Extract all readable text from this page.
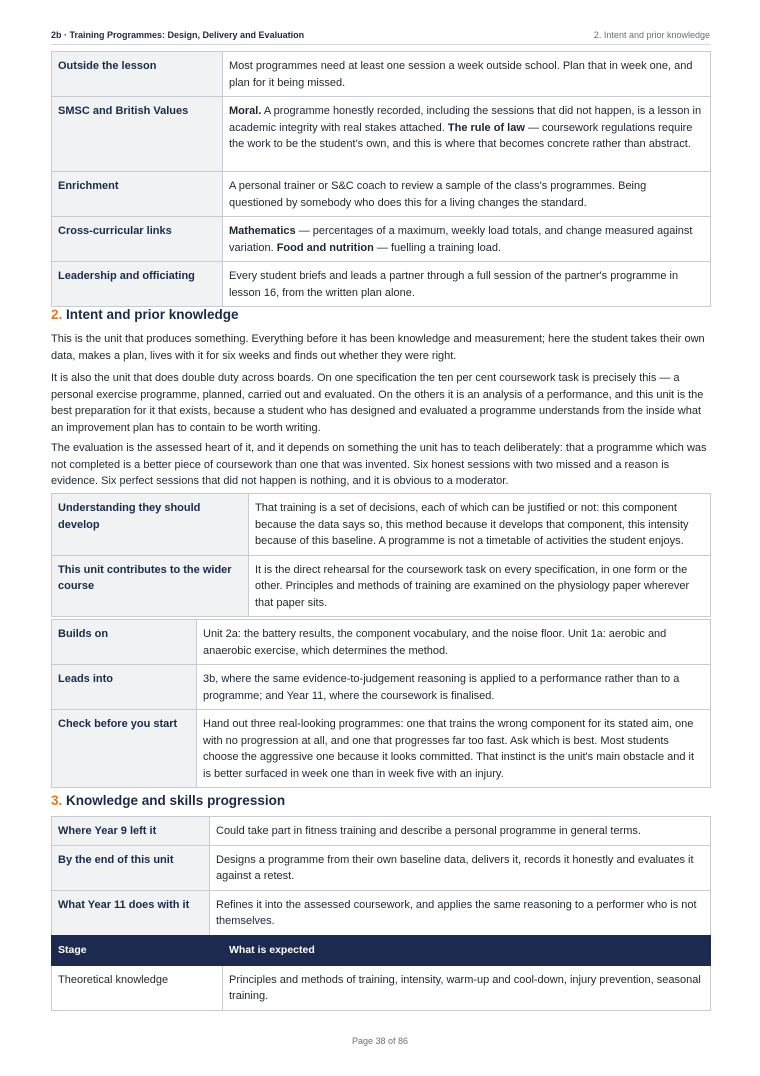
2b · Training Programmes: Design, Delivery and Evaluation	2. Intent and prior knowledge
Outside the lesson	Most programmes need at least one session a week outside school. Plan that in week one, and plan for it being missed.
SMSC and British Values	Moral. A programme honestly recorded, including the sessions that did not happen, is a lesson in academic integrity with real stakes attached. The rule of law — coursework regulations require the work to be the student's own, and this is where that becomes concrete rather than abstract.
Enrichment	A personal trainer or S&C coach to review a sample of the class's programmes. Being questioned by somebody who does this for a living changes the standard.
Cross-curricular links	Mathematics — percentages of a maximum, weekly load totals, and change measured against variation. Food and nutrition — fuelling a training load.
Leadership and officiating	Every student briefs and leads a partner through a full session of the partner's programme in lesson 16, from the written plan alone.
2. Intent and prior knowledge

This is the unit that produces something. Everything before it has been knowledge and measurement; here the student takes their own data, makes a plan, lives with it for six weeks and finds out whether they were right.

It is also the unit that does double duty across boards. On one specification the ten per cent coursework task is precisely this — a personal exercise programme, planned, carried out and evaluated. On the others it is an analysis of a performance, and this unit is the best preparation for it that exists, because a student who has designed and evaluated a programme understands from the inside what an improvement plan has to contain to be worth writing.

The evaluation is the assessed heart of it, and it depends on something the unit has to teach deliberately: that a programme which was not completed is a better piece of coursework than one that was invented. Six honest sessions with two missed and a reason is evidence. Six perfect sessions that did not happen is nothing, and it is obvious to a moderator.

Understanding they should develop	That training is a set of decisions, each of which can be justified or not: this component because the data says so, this method because it develops that component, this intensity because of this baseline. A programme is not a timetable of activities the student enjoys.
This unit contributes to the wider course	It is the direct rehearsal for the coursework task on every specification, in one form or the other. Principles and methods of training are examined on the physiology paper wherever that paper sits.
Builds on	Unit 2a: the battery results, the component vocabulary, and the noise floor. Unit 1a: aerobic and anaerobic exercise, which determines the method.
Leads into	3b, where the same evidence-to-judgement reasoning is applied to a performance rather than to a programme; and Year 11, where the coursework is finalised.
Check before you start	Hand out three real-looking programmes: one that trains the wrong component for its stated aim, one with no progression at all, and one that progresses far too fast. Ask which is best. Most students choose the aggressive one because it looks committed. That instinct is the unit's main obstacle and it is better surfaced in week one than in week five with an injury.
3. Knowledge and skills progression
Where Year 9 left it	Could take part in fitness training and describe a personal programme in general terms.
By the end of this unit	Designs a programme from their own baseline data, delivers it, records it honestly and evaluates it against a retest.
What Year 11 does with it	Refines it into the assessed coursework, and applies the same reasoning to a performer who is not themselves.
Stage	What is expected
Theoretical knowledge	Principles and methods of training, intensity, warm-up and cool-down, injury prevention, seasonal training.
Page 38 of 86
